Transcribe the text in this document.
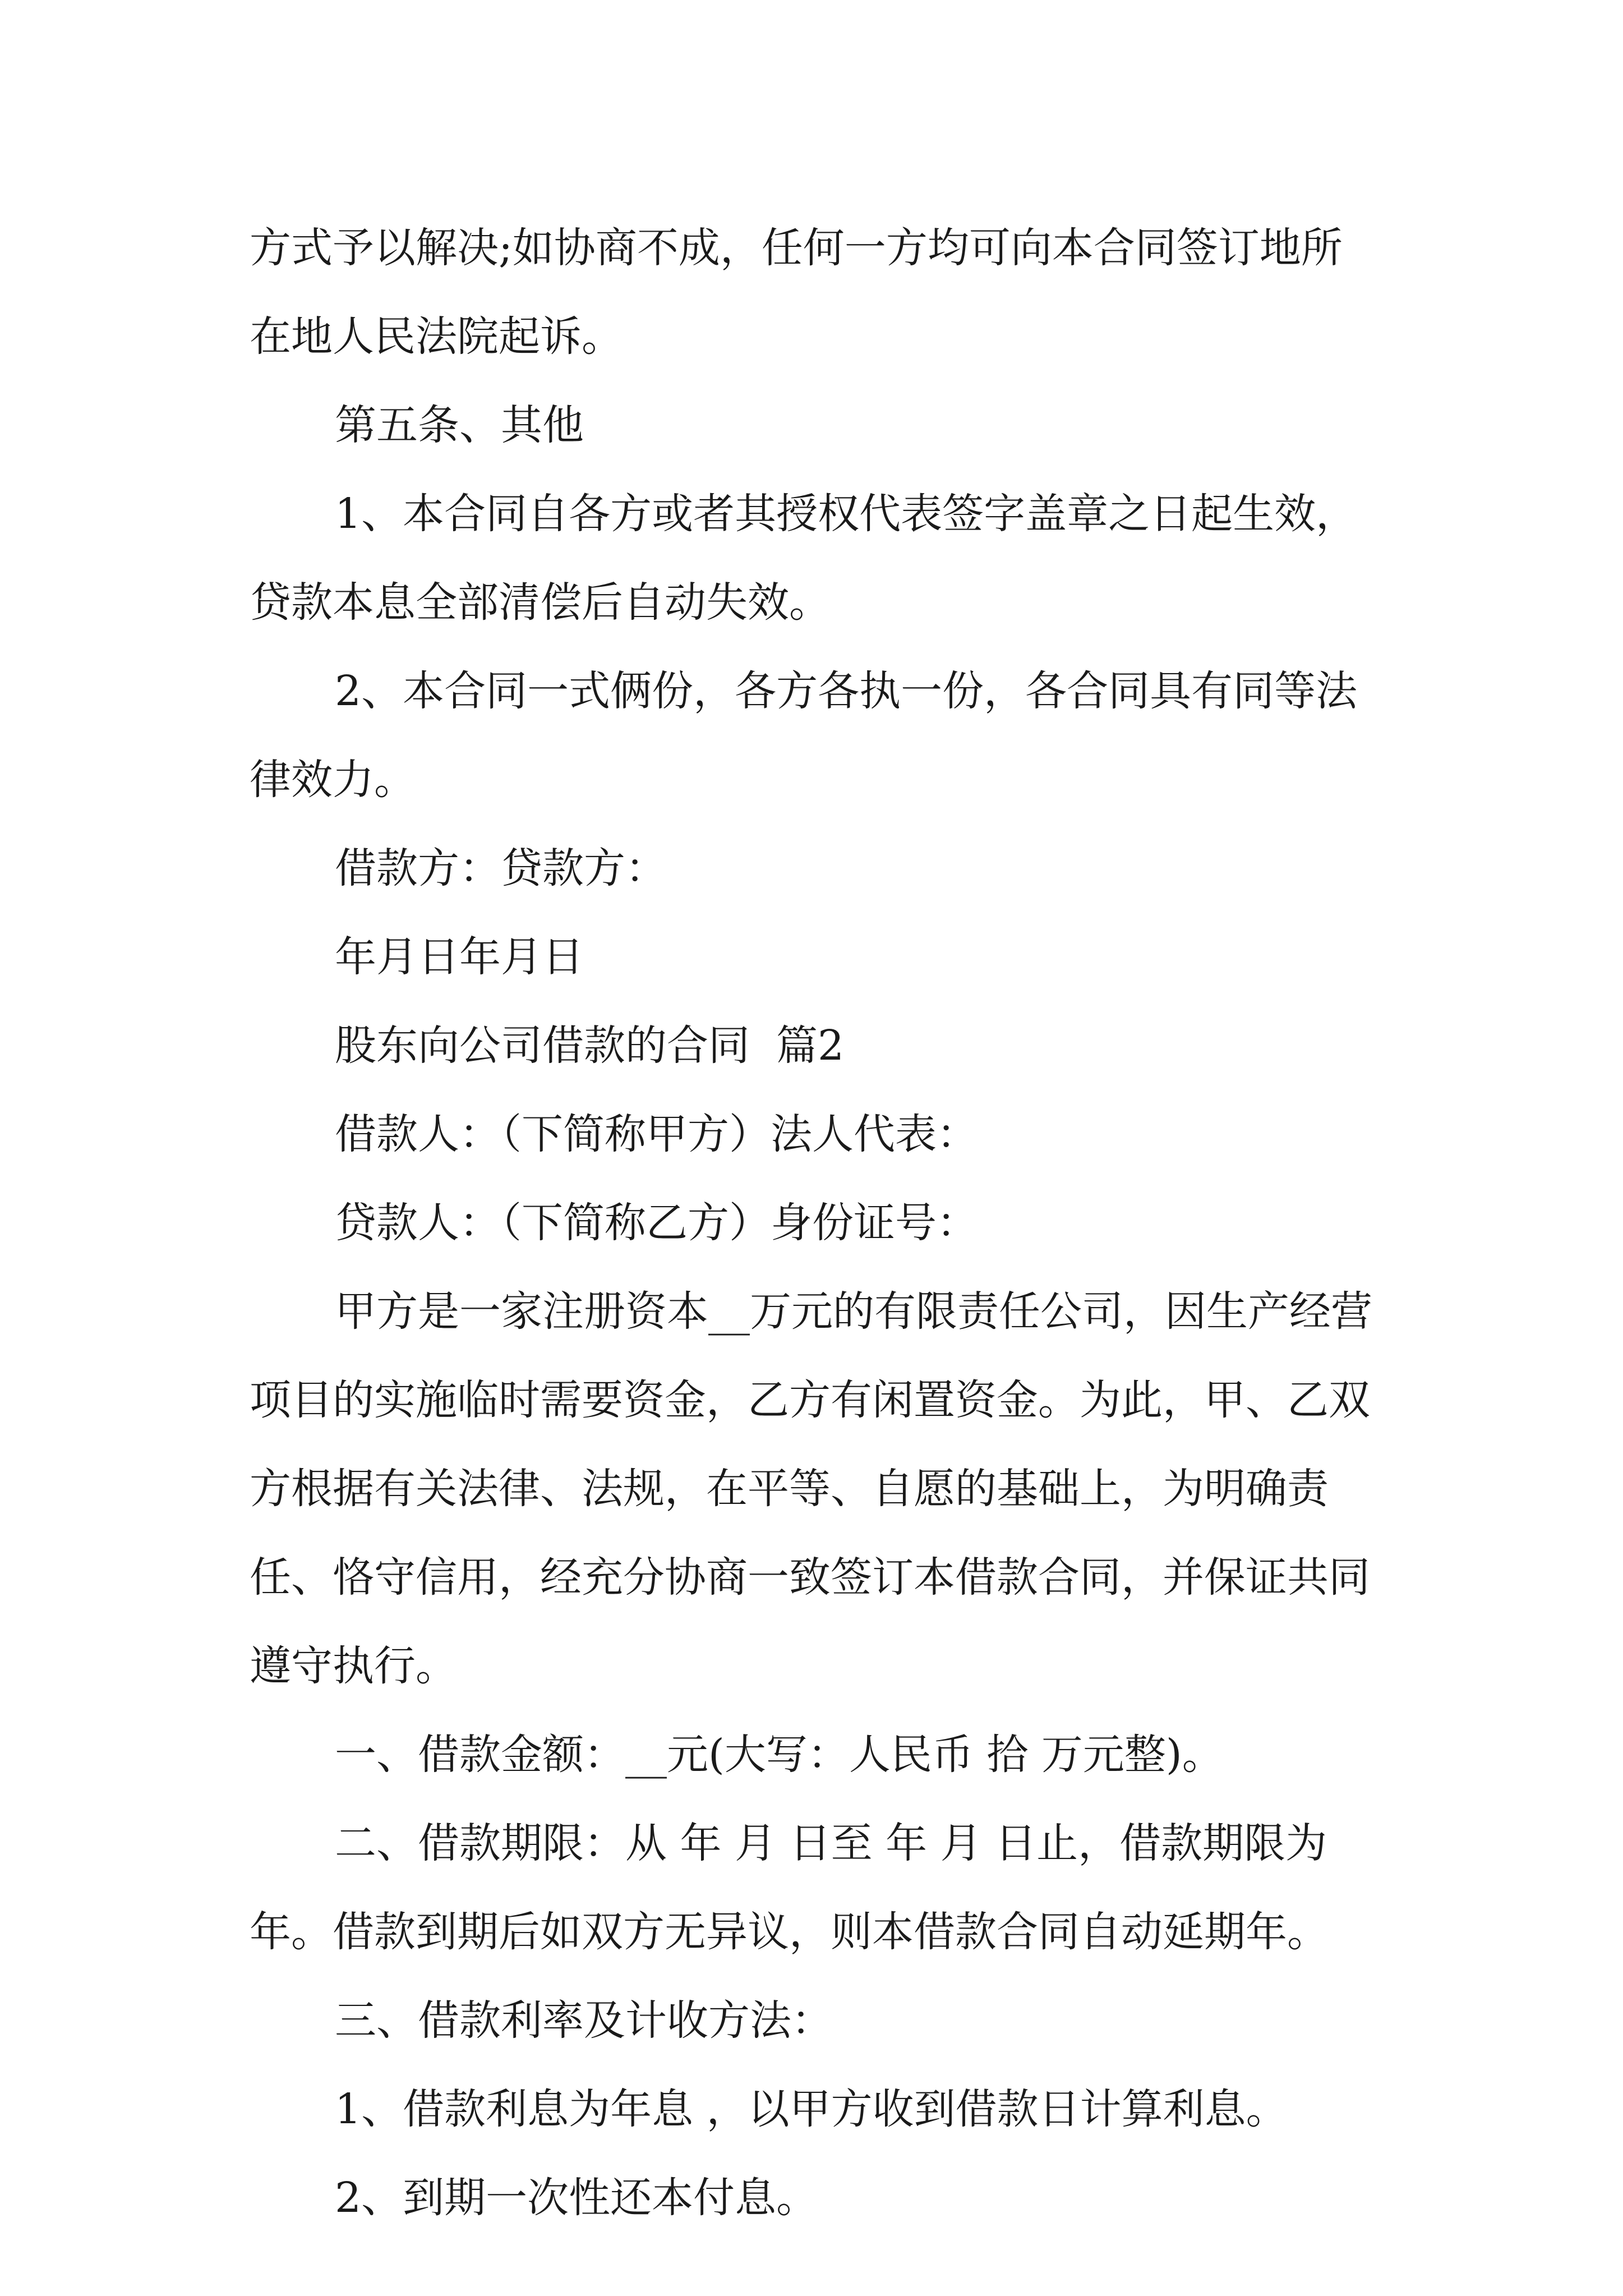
方式予以解决;如协商不成，任何一方均可向本合同签订地所在地人民法院起诉。

第五条、其他

1、本合同自各方或者其授权代表签字盖章之日起生效，贷款本息全部清偿后自动失效。

2、本合同一式俩份，各方各执一份，各合同具有同等法律效力。

借款方：贷款方：

年月日年月日

股东向公司借款的合同  篇2

借款人：（下简称甲方）法人代表：

贷款人：（下简称乙方）身份证号：

甲方是一家注册资本__万元的有限责任公司，因生产经营项目的实施临时需要资金，乙方有闲置资金。为此，甲、乙双方根据有关法律、法规，在平等、自愿的基础上，为明确责任、恪守信用，经充分协商一致签订本借款合同，并保证共同遵守执行。

一、借款金额：__元(大写：人民币 拾 万元整)。

二、借款期限：从 年 月 日至 年 月 日止，借款期限为 年。借款到期后如双方无异议，则本借款合同自动延期年。

三、借款利率及计收方法：

1、借款利息为年息 ，以甲方收到借款日计算利息。

2、到期一次性还本付息。
